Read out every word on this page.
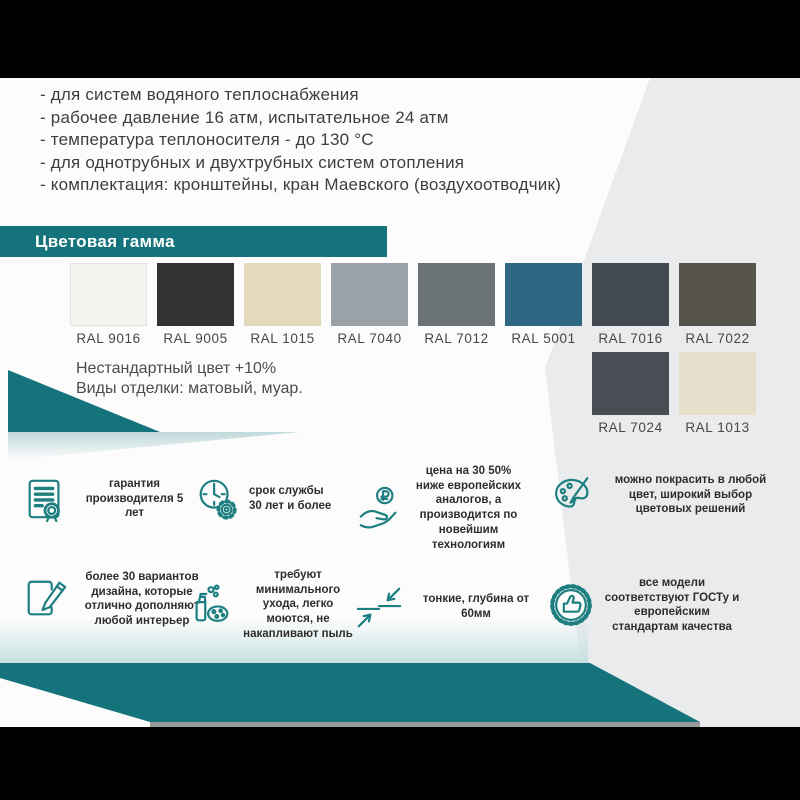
- для систем водяного теплоснабжения
- рабочее давление 16 атм, испытательное 24 атм
- температура теплоносителя - до 130 °C
- для однотрубных и двухтрубных систем отопления
- комплектация: кронштейны, кран Маевского (воздухоотводчик)
Цветовая гамма
RAL 9016	RAL 9005	RAL 1015	RAL 7040	RAL 7012	RAL 5001	RAL 7016	RAL 7022
RAL 7024	RAL 1013
Нестандартный цвет +10%
Виды отделки: матовый, муар.
гарантия производителя 5 лет
срок службы 30 лет и более
цена на 30 50% ниже европейских аналогов, а производится по новейшим технологиям
можно покрасить в любой цвет, широкий выбор цветовых решений
более 30 вариантов дизайна, которые отлично дополняют любой интерьер
требуют минимального ухода, легко моются, не накапливают пыль
тонкие, глубина от 60мм
все модели соответствуют ГОСТу и европейским стандартам качества
